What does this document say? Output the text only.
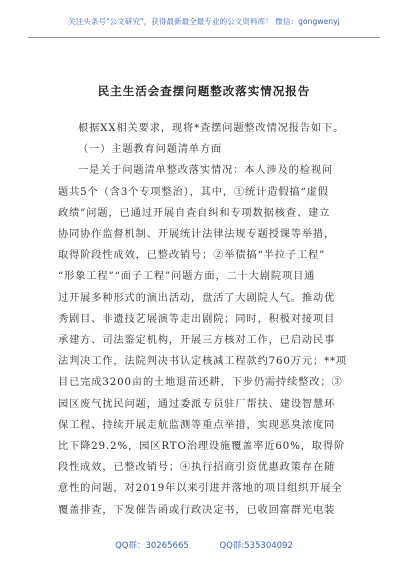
关注头条号"公文研究"，获得最新最全最专业的公文资料库！ 微信：gongwenyj
民主生活会查摆问题整改落实情况报告
根据XX相关要求，现将*查摆问题整改情况报告如下。
（一）主题教育问题清单方面
一是关于问题清单整改落实情况：本人涉及的检视问
题共5个（含3个专项整治），其中，①统计造假搞“虚假
政绩”问题，已通过开展自查自纠和专项数据核查、建立
协同协作监督机制、开展统计法律法规专题授课等举措，
取得阶段性成效，已整改销号；②举债搞“半拉子工程”
“形象工程”“面子工程”问题方面，二十大剧院项目通
过开展多种形式的演出活动，盘活了大剧院人气。推动优
秀剧目、非遗技艺展演等走出剧院；同时，积极对接项目
承建方、司法鉴定机构，开展三方核对工作，已启动民事
法判决工作，法院判决书认定核减工程款约760万元；**项
目已完成3200亩的土地退苗还耕，下步仍需持续整改；③
园区废气扰民问题，通过委派专员驻厂帮扶、建设智慧环
保工程、持续开展走航监测等重点举措，实现恶臭浓度同
比下降29.2%，园区RTO治理设施覆盖率近60%，取得阶
段性成效，已整改销号；④执行招商引资优惠政策存在随
意性的问题，对2019年以来引进并落地的项目组织开展全
覆盖排查，下发催告函或行政决定书，已收回富群光电装
QQ群：30265665	QQ群:535304092
